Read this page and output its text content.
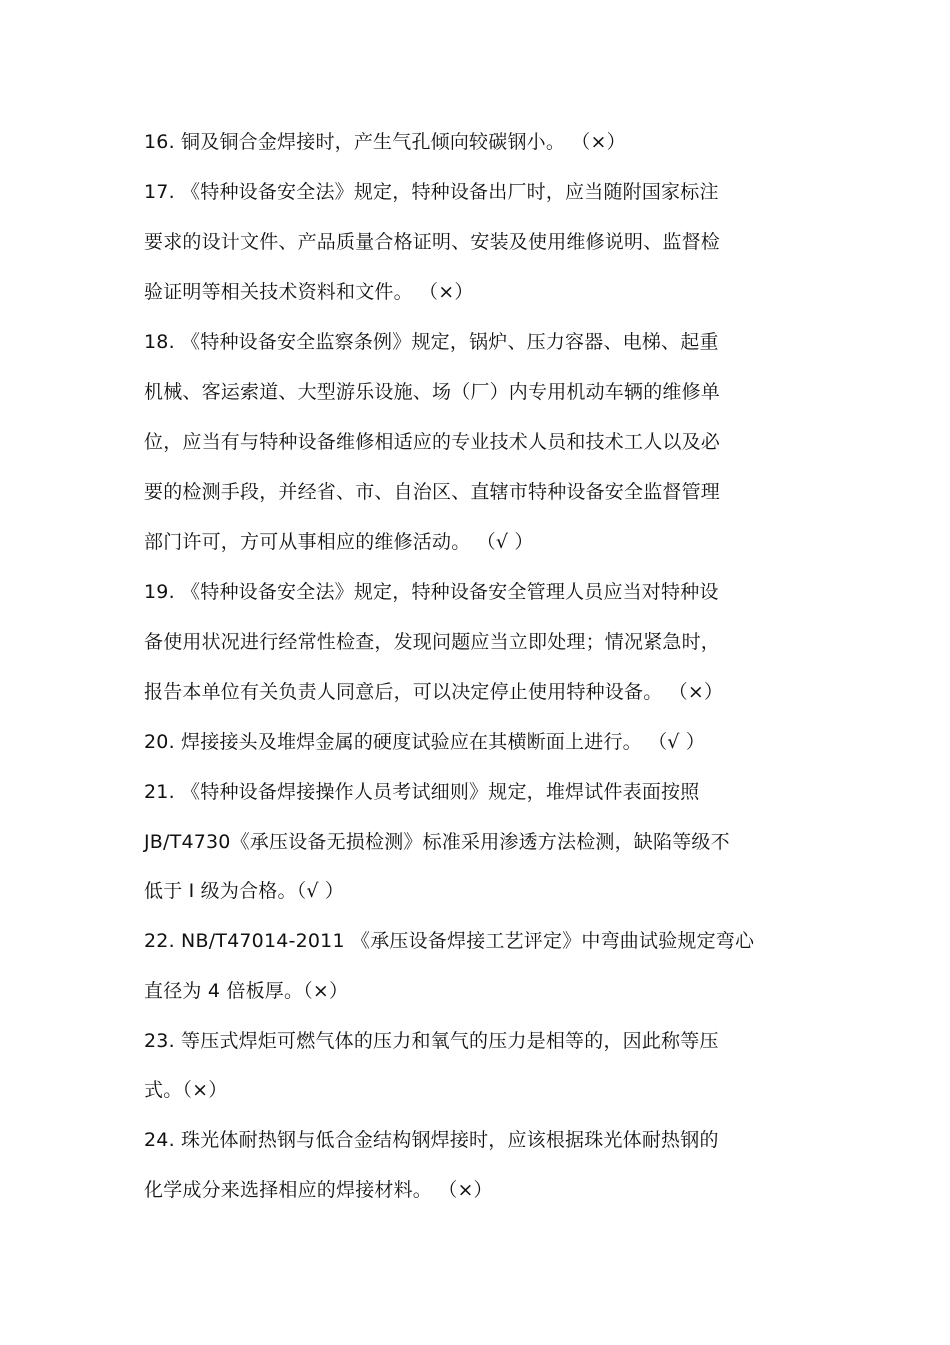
16. 铜及铜合金焊接时，产生气孔倾向较碳钢小。 （×）
17. 《特种设备安全法》规定，特种设备出厂时，应当随附国家标注
要求的设计文件、产品质量合格证明、安装及使用维修说明、监督检
验证明等相关技术资料和文件。 （×）
18. 《特种设备安全监察条例》规定，锅炉、压力容器、电梯、起重
机械、客运索道、大型游乐设施、场（厂）内专用机动车辆的维修单
位，应当有与特种设备维修相适应的专业技术人员和技术工人以及必
要的检测手段，并经省、市、自治区、直辖市特种设备安全监督管理
部门许可，方可从事相应的维修活动。 （√ ）
19. 《特种设备安全法》规定，特种设备安全管理人员应当对特种设
备使用状况进行经常性检查，发现问题应当立即处理；情况紧急时，
报告本单位有关负责人同意后，可以决定停止使用特种设备。 （×）
20. 焊接接头及堆焊金属的硬度试验应在其横断面上进行。 （√ ）
21. 《特种设备焊接操作人员考试细则》规定，堆焊试件表面按照
JB/T4730《承压设备无损检测》标准采用渗透方法检测，缺陷等级不
低于 Ⅰ 级为合格。（√ ）
22. NB/T47014-2011 《承压设备焊接工艺评定》中弯曲试验规定弯心
直径为 4 倍板厚。（×）
23. 等压式焊炬可燃气体的压力和氧气的压力是相等的，因此称等压
式。（×）
24. 珠光体耐热钢与低合金结构钢焊接时，应该根据珠光体耐热钢的
化学成分来选择相应的焊接材料。 （×）
